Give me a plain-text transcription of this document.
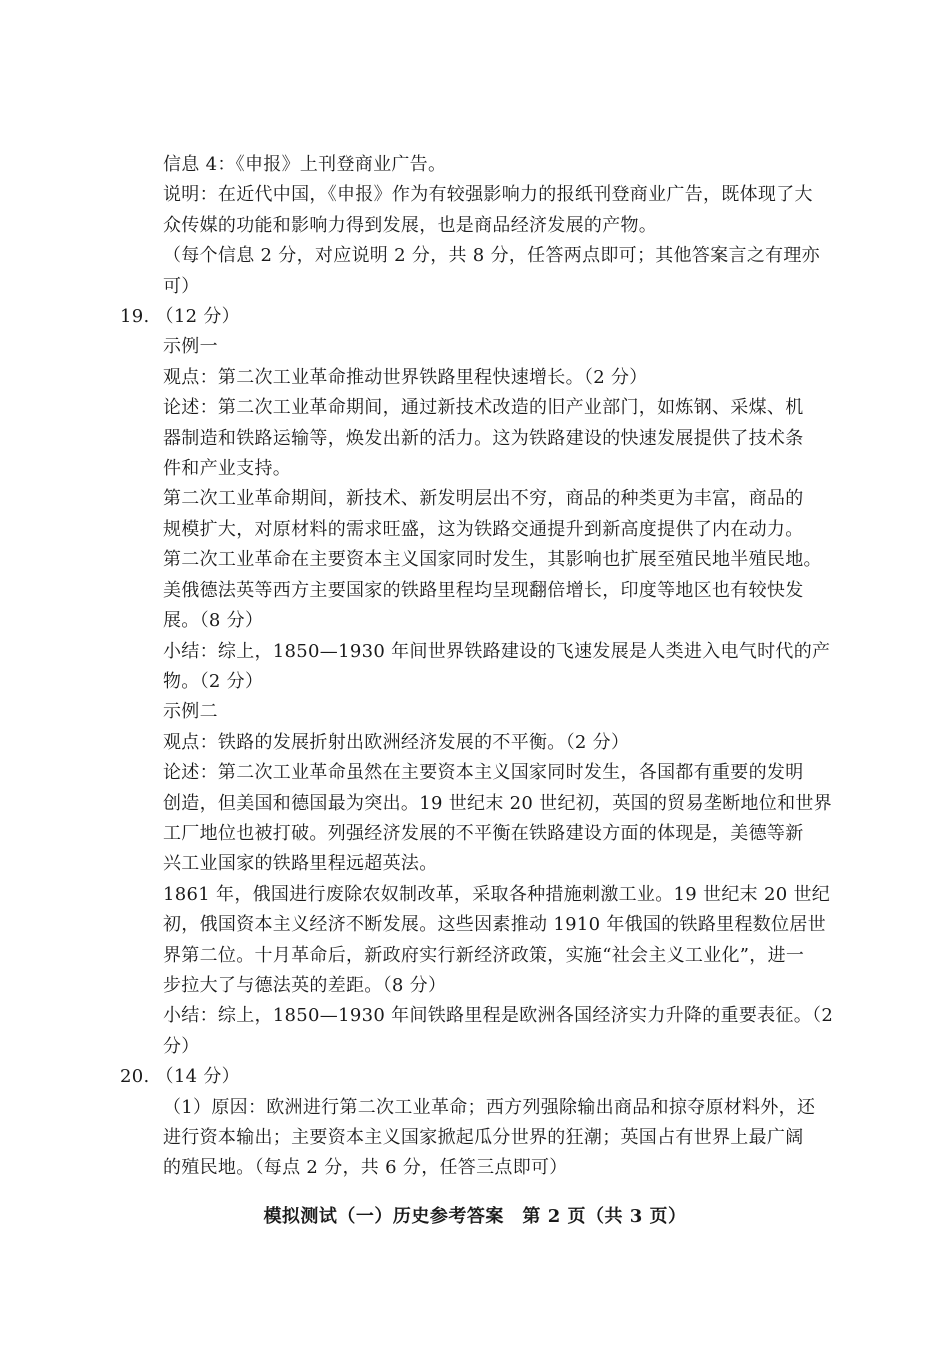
信息 4：《申报》上刊登商业广告。
说明：在近代中国，《申报》作为有较强影响力的报纸刊登商业广告，既体现了大
众传媒的功能和影响力得到发展，也是商品经济发展的产物。
（每个信息 2 分，对应说明 2 分，共 8 分，任答两点即可；其他答案言之有理亦
可）
19. （12 分）
示例一
观点：第二次工业革命推动世界铁路里程快速增长。（2 分）
论述：第二次工业革命期间，通过新技术改造的旧产业部门，如炼钢、采煤、机
器制造和铁路运输等，焕发出新的活力。这为铁路建设的快速发展提供了技术条
件和产业支持。
第二次工业革命期间，新技术、新发明层出不穷，商品的种类更为丰富，商品的
规模扩大，对原材料的需求旺盛，这为铁路交通提升到新高度提供了内在动力。
第二次工业革命在主要资本主义国家同时发生，其影响也扩展至殖民地半殖民地。
美俄德法英等西方主要国家的铁路里程均呈现翻倍增长，印度等地区也有较快发
展。（8 分）
小结：综上，1850—1930 年间世界铁路建设的飞速发展是人类进入电气时代的产
物。（2 分）
示例二
观点：铁路的发展折射出欧洲经济发展的不平衡。（2 分）
论述：第二次工业革命虽然在主要资本主义国家同时发生，各国都有重要的发明
创造，但美国和德国最为突出。19 世纪末 20 世纪初，英国的贸易垄断地位和世界
工厂地位也被打破。列强经济发展的不平衡在铁路建设方面的体现是，美德等新
兴工业国家的铁路里程远超英法。
1861 年，俄国进行废除农奴制改革，采取各种措施刺激工业。19 世纪末 20 世纪
初，俄国资本主义经济不断发展。这些因素推动 1910 年俄国的铁路里程数位居世
界第二位。十月革命后，新政府实行新经济政策，实施“社会主义工业化”，进一
步拉大了与德法英的差距。（8 分）
小结：综上，1850—1930 年间铁路里程是欧洲各国经济实力升降的重要表征。（2
分）
20. （14 分）
（1）原因：欧洲进行第二次工业革命；西方列强除输出商品和掠夺原材料外，还
进行资本输出；主要资本主义国家掀起瓜分世界的狂潮；英国占有世界上最广阔
的殖民地。（每点 2 分，共 6 分，任答三点即可）
模拟测试（一）历史参考答案　第 2 页（共 3 页）
